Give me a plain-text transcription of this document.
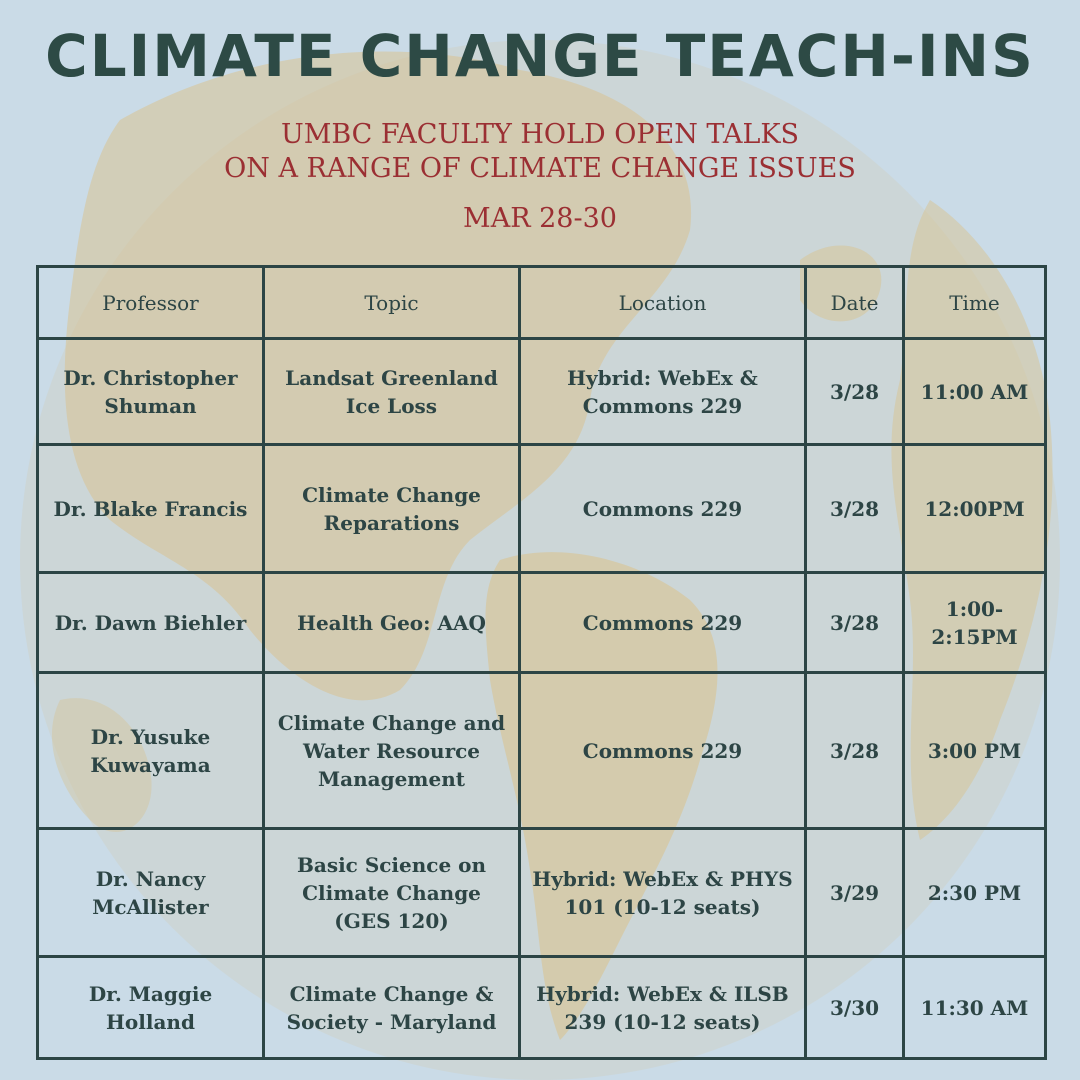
CLIMATE CHANGE TEACH-INS
UMBC FACULTY HOLD OPEN TALKS
ON A RANGE OF CLIMATE CHANGE ISSUES
MAR 28-30
Professor	Topic	Location	Date	Time
Dr. Christopher Shuman	Landsat Greenland Ice Loss	Hybrid: WebEx & Commons 229	3/28	11:00 AM
Dr. Blake Francis	Climate Change Reparations	Commons 229	3/28	12:00PM
Dr. Dawn Biehler	Health Geo: AAQ	Commons 229	3/28	1:00-2:15PM
Dr. Yusuke Kuwayama	Climate Change and Water Resource Management	Commons 229	3/28	3:00 PM
Dr. Nancy McAllister	Basic Science on Climate Change (GES 120)	Hybrid: WebEx & PHYS 101 (10-12 seats)	3/29	2:30 PM
Dr. Maggie Holland	Climate Change & Society - Maryland	Hybrid: WebEx & ILSB 239 (10-12 seats)	3/30	11:30 AM
